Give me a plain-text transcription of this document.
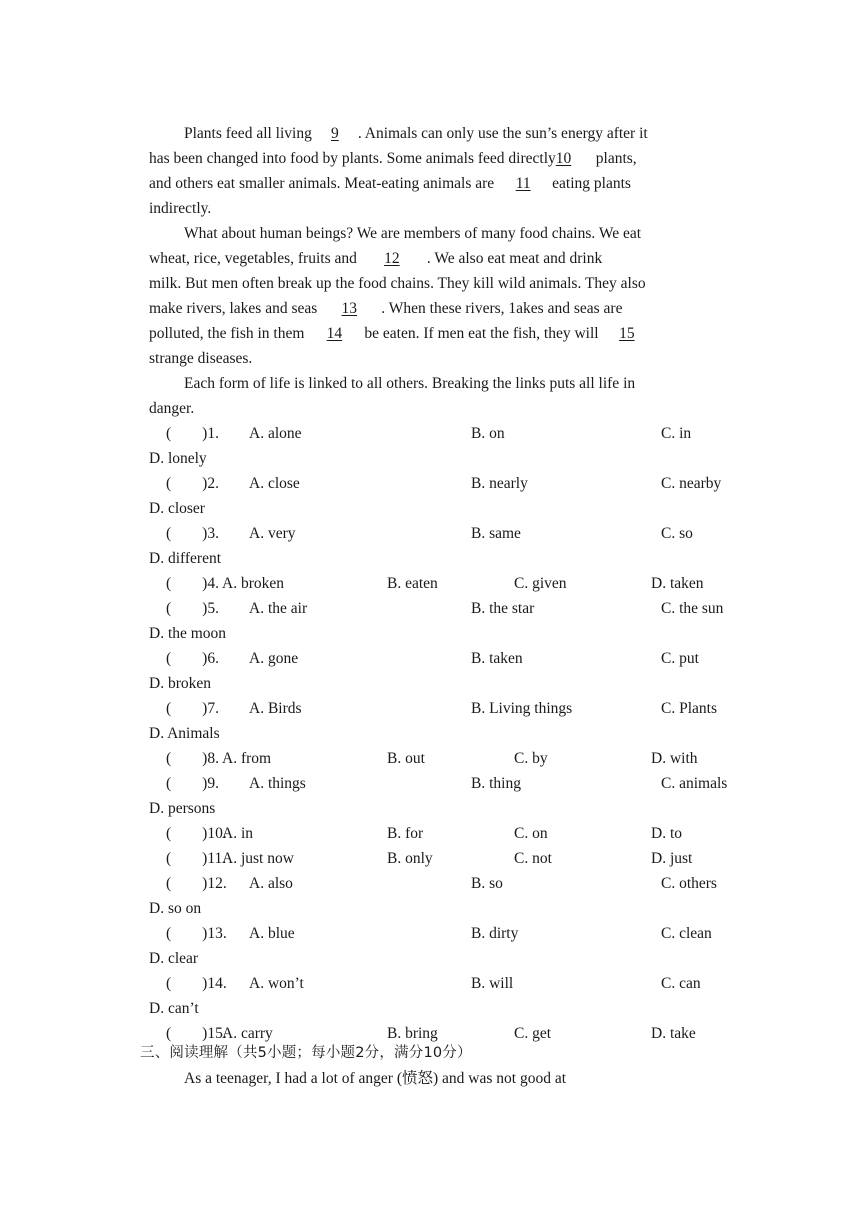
Plants feed all living 9 . Animals can only use the sun’s energy after it
has been changed into food by plants. Some animals feed directly10 plants,
and others eat smaller animals. Meat-eating animals are 11 eating plants
indirectly.
What about human beings? We are members of many food chains. We eat
wheat, rice, vegetables, fruits and 12 . We also eat meat and drink
milk. But men often break up the food chains. They kill wild animals. They also
make rivers, lakes and seas 13 . When these rivers, 1akes and seas are
polluted, the fish in them 14 be eaten. If men eat the fish, they will 15
strange diseases.
Each form of life is linked to all others. Breaking the links puts all life in
danger.
(  )1. A. alone	B. on	C. in
D. lonely
(  )2. A. close	B. nearly	C. nearby
D. closer
(  )3. A. very	B. same	C. so
D. different
(  )4. A. broken	B. eaten	C. given	D. taken
(  )5. A. the air	B. the star	C. the sun
D. the moon
(  )6. A. gone	B. taken	C. put
D. broken
(  )7. A. Birds	B. Living things	C. Plants
D. Animals
(  )8. A. from	B. out	C. by	D. with
(  )9. A. things	B. thing	C. animals
D. persons
(  )10.
A. in	B. for	C. on	D. to
(  )11.
A. just now	B. only	C. not	D. just
(  )12. A. also	B. so	C. others
D. so on
(  )13. A. blue	B. dirty	C. clean
D. clear
(  )14. A. won’t	B. will	C. can
D. can’t
(  )15.
A. carry	B. bring	C. get	D. take
三、阅读理解（共5小题；每小题2分，满分10分）
As a teenager, I had a lot of anger (愤怒) and was not good at
